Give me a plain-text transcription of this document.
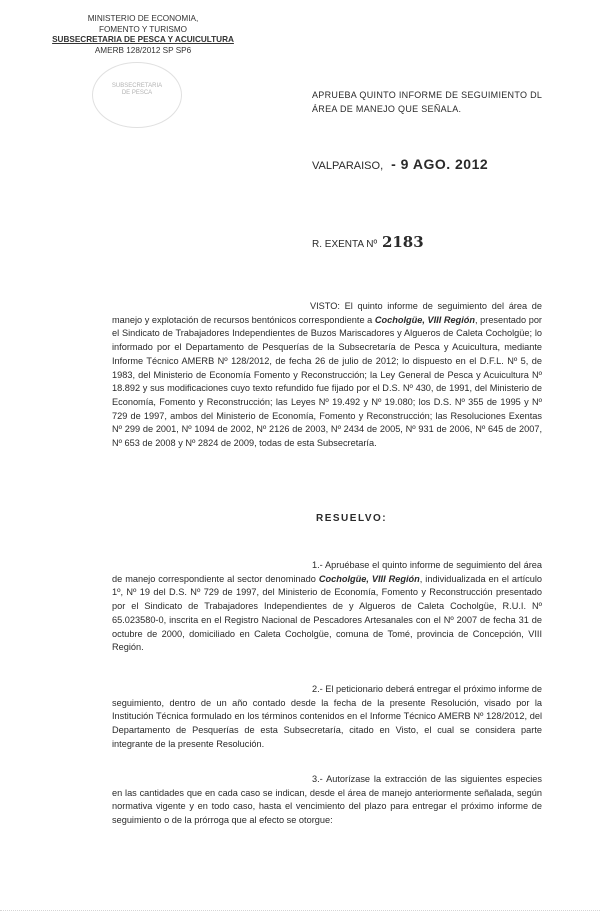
MINISTERIO DE ECONOMIA,
FOMENTO Y TURISMO
SUBSECRETARIA DE PESCA Y ACUICULTURA
AMERB 128/2012 SP SP6
SUBSECRETARIA
DE PESCA	APRUEBA QUINTO INFORME DE SEGUIMIENTO DL ÁREA DE MANEJO QUE SEÑALA.
VALPARAISO, - 9 AGO. 2012
R. EXENTA Nº 2183
VISTO: El quinto informe de seguimiento del área de manejo y explotación de recursos bentónicos correspondiente a Cocholgüe, VIII Región, presentado por el Sindicato de Trabajadores Independientes de Buzos Mariscadores y Algueros de Caleta Cocholgüe; lo informado por el Departamento de Pesquerías de la Subsecretaría de Pesca y Acuicultura, mediante Informe Técnico AMERB Nº 128/2012, de fecha 26 de julio de 2012; lo dispuesto en el D.F.L. Nº 5, de 1983, del Ministerio de Economía Fomento y Reconstrucción; la Ley General de Pesca y Acuicultura Nº 18.892 y sus modificaciones cuyo texto refundido fue fijado por el D.S. Nº 430, de 1991, del Ministerio de Economía, Fomento y Reconstrucción; las Leyes Nº 19.492 y Nº 19.080; los D.S. Nº 355 de 1995 y Nº 729 de 1997, ambos del Ministerio de Economía, Fomento y Reconstrucción; las Resoluciones Exentas Nº 299 de 2001, Nº 1094 de 2002, Nº 2126 de 2003, Nº 2434 de 2005, Nº 931 de 2006, Nº 645 de 2007, Nº 653 de 2008 y Nº 2824 de 2009, todas de esta Subsecretaría.
RESUELVO:
1.- Apruébase el quinto informe de seguimiento del área de manejo correspondiente al sector denominado Cocholgüe, VIII Región, individualizada en el artículo 1º, Nº 19 del D.S. Nº 729 de 1997, del Ministerio de Economía, Fomento y Reconstrucción presentado por el Sindicato de Trabajadores Independientes de y Algueros de Caleta Cocholgüe, R.U.I. Nº 65.023580-0, inscrita en el Registro Nacional de Pescadores Artesanales con el Nº 2007 de fecha 31 de octubre de 2000, domiciliado en Caleta Cocholgüe, comuna de Tomé, provincia de Concepción, VIII Región.
2.- El peticionario deberá entregar el próximo informe de seguimiento, dentro de un año contado desde la fecha de la presente Resolución, visado por la Institución Técnica formulado en los términos contenidos en el Informe Técnico AMERB Nº 128/2012, del Departamento de Pesquerías de esta Subsecretaría, citado en Visto, el cual se considera parte integrante de la presente Resolución.
3.- Autorízase la extracción de las siguientes especies en las cantidades que en cada caso se indican, desde el área de manejo anteriormente señalada, según normativa vigente y en todo caso, hasta el vencimiento del plazo para entregar el próximo informe de seguimiento o de la prórroga que al efecto se otorgue:
